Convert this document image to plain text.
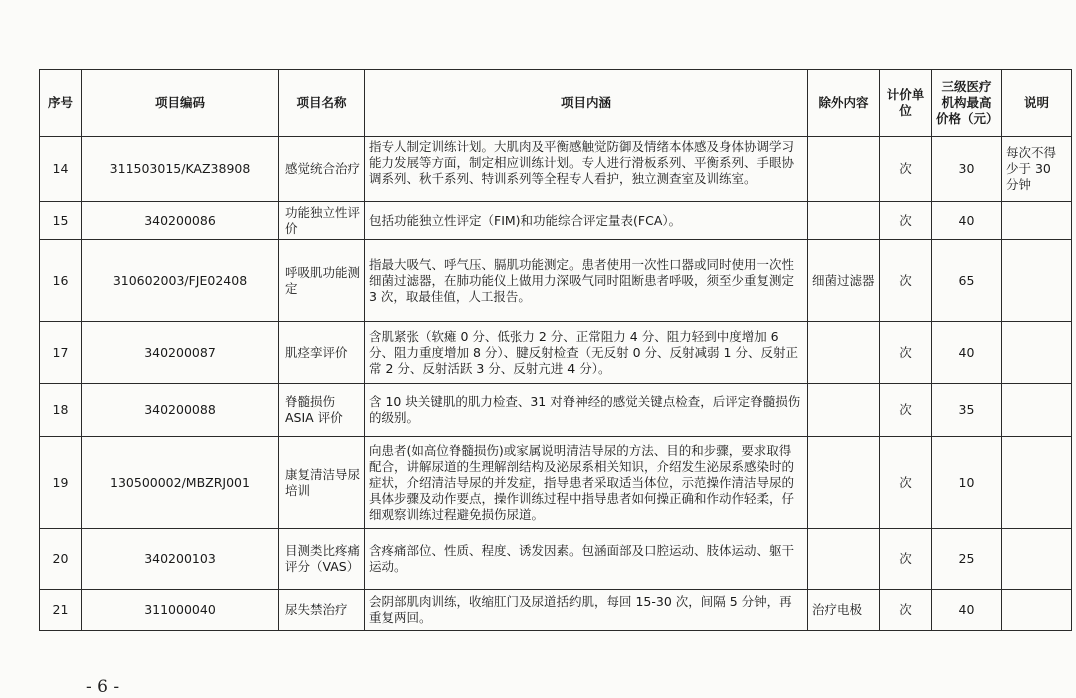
序号	项目编码	项目名称	项目内涵	除外内容	计价单位	三级医疗机构最高价格（元）	说明
14	311503015/KAZ38908	感觉统合治疗	指专人制定训练计划。大肌肉及平衡感触觉防御及情绪本体感及身体协调学习能力发展等方面，制定相应训练计划。专人进行滑板系列、平衡系列、手眼协调系列、秋千系列、特训系列等全程专人看护，独立测查室及训练室。		次	30	每次不得少于 30 分钟
15	340200086	功能独立性评价	包括功能独立性评定（FIM)和功能综合评定量表(FCA）。		次	40	
16	310602003/FJE02408	呼吸肌功能测定	指最大吸气、呼气压、膈肌功能测定。患者使用一次性口器或同时使用一次性细菌过滤器，在肺功能仪上做用力深吸气同时阻断患者呼吸，须至少重复测定 3 次，取最佳值，人工报告。	细菌过滤器	次	65	
17	340200087	肌痉挛评价	含肌紧张（软瘫 0 分、低张力 2 分、正常阻力 4 分、阻力轻到中度增加 6 分、阻力重度增加 8 分）、腱反射检查（无反射 0 分、反射减弱 1 分、反射正常 2 分、反射活跃 3 分、反射亢进 4 分）。		次	40	
18	340200088	脊髓损伤 ASIA 评价	含 10 块关键肌的肌力检查、31 对脊神经的感觉关键点检查，后评定脊髓损伤的级别。		次	35	
19	130500002/MBZRJ001	康复清洁导尿培训	向患者(如高位脊髓损伤)或家属说明清洁导尿的方法、目的和步骤，要求取得配合，讲解尿道的生理解剖结构及泌尿系相关知识，介绍发生泌尿系感染时的症状，介绍清洁导尿的并发症，指导患者采取适当体位，示范操作清洁导尿的具体步骤及动作要点，操作训练过程中指导患者如何操正确和作动作轻柔，仔细观察训练过程避免损伤尿道。		次	10	
20	340200103	目测类比疼痛评分（VAS）	含疼痛部位、性质、程度、诱发因素。包涵面部及口腔运动、肢体运动、躯干运动。		次	25	
21	311000040	尿失禁治疗	会阴部肌肉训练，收缩肛门及尿道括约肌，每回 15-30 次，间隔 5 分钟，再重复两回。	治疗电极	次	40	
- 6 -
